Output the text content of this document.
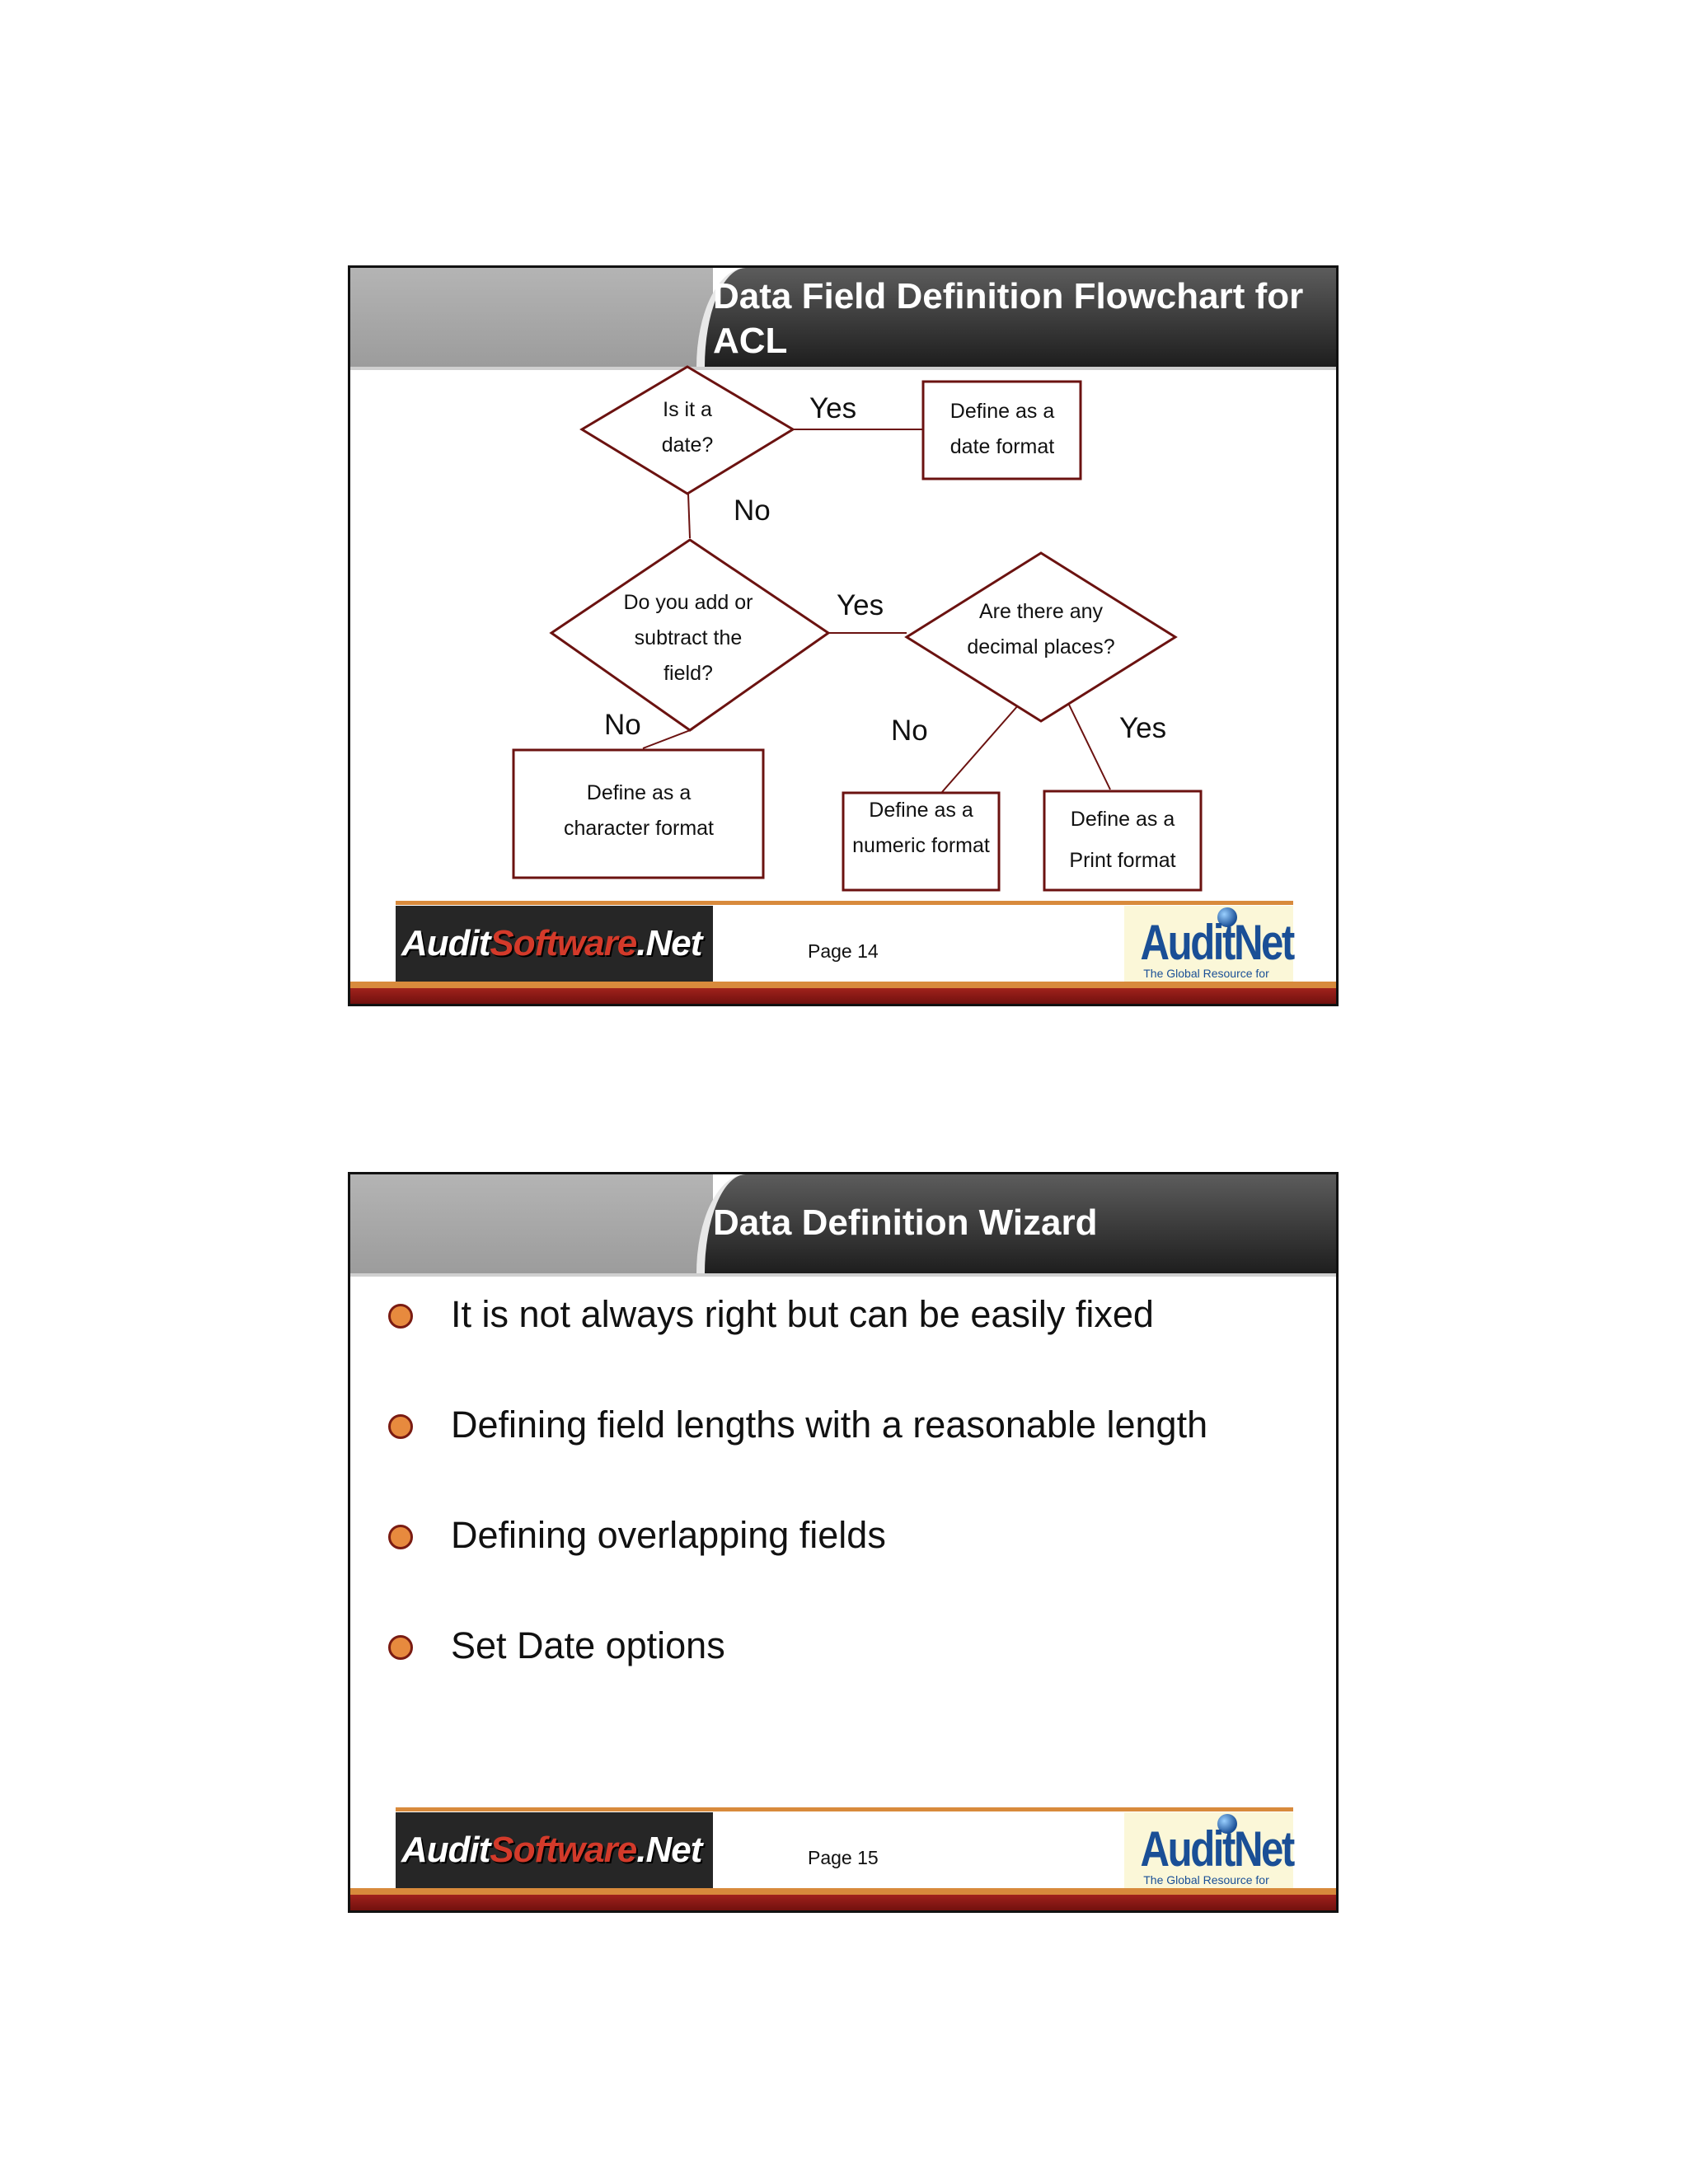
Data Field Definition Flowchart for ACL
Is it a
date?
Define as a
date format
Do you add or
subtract the
field?
Are there any
decimal places?
Define as a
character format
Define as a
numeric format
Define as a
Print format
Yes
No
Yes
No	No	Yes
AuditSoftware.Net	Page 14	AuditNet
The Global Resource for
Data Definition Wizard
It is not always right but can be easily fixed
Defining field lengths with a reasonable length
Defining overlapping fields
Set Date options
AuditSoftware.Net	Page 15	AuditNet
The Global Resource for
